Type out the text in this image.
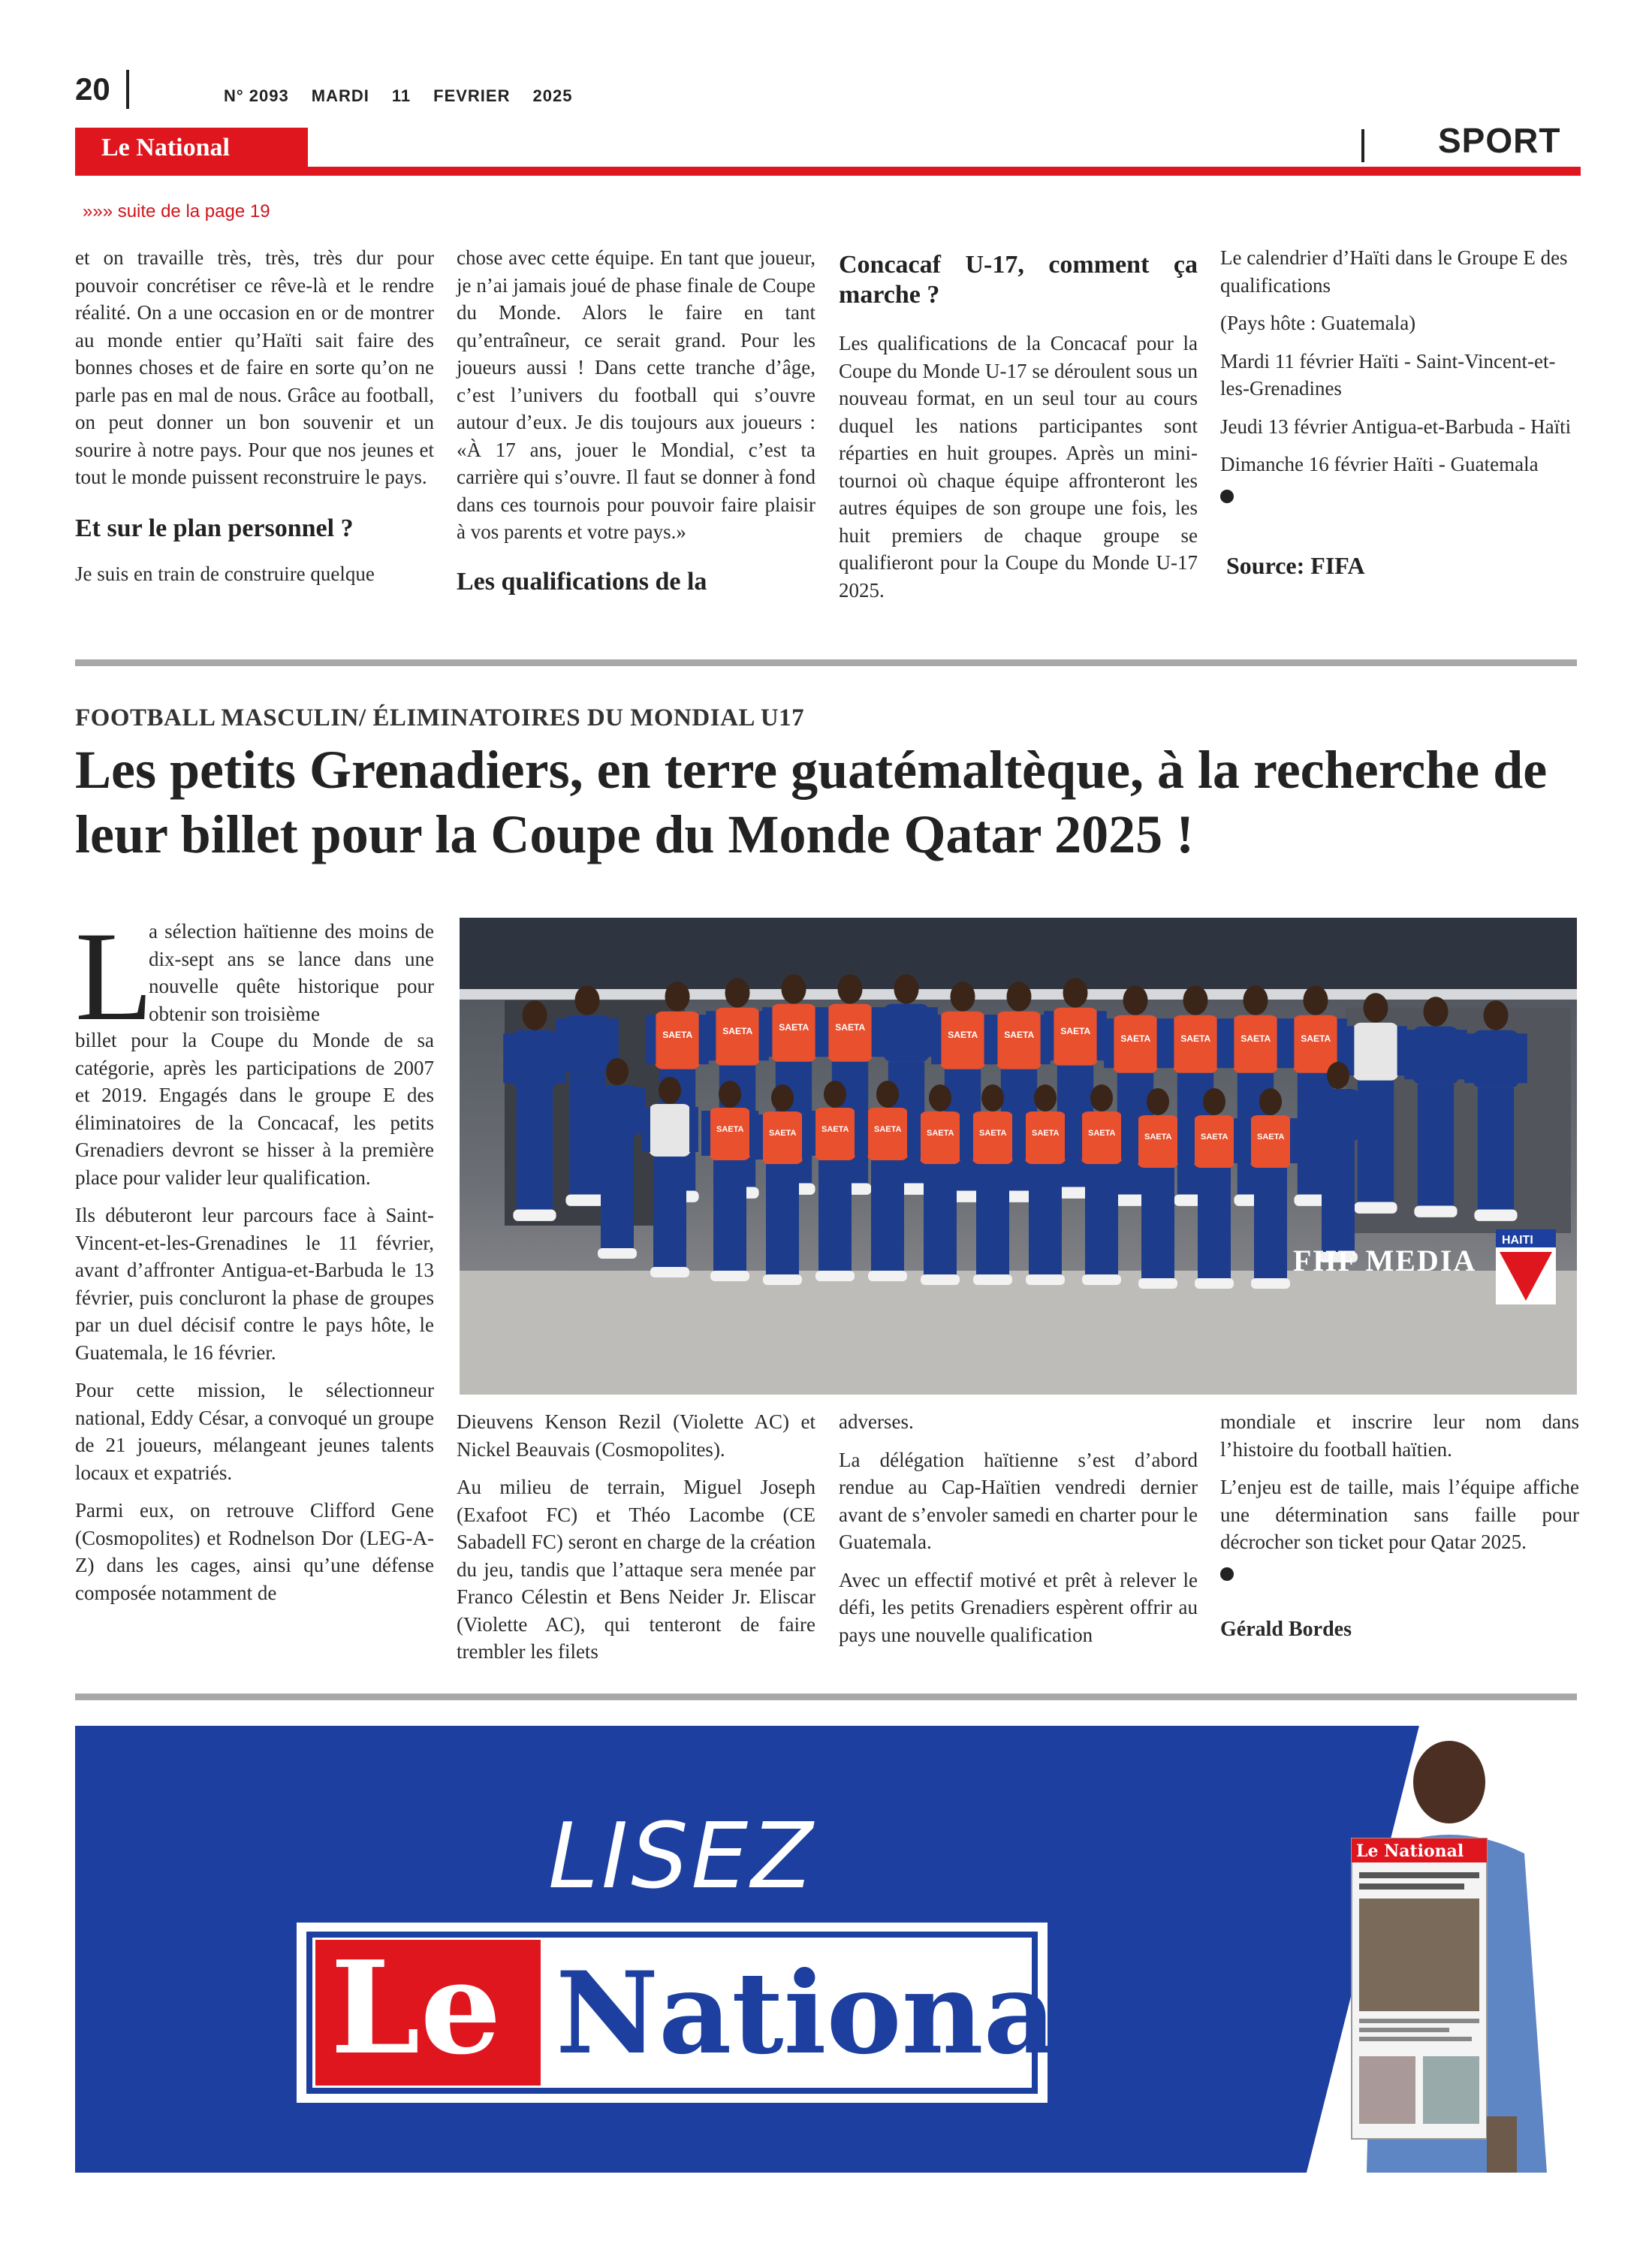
20	N° 2093 MARDI 11 FEVRIER 2025
Le National	SPORT
»»» suite de la page 19

et on travaille très, très, très dur pour pouvoir concrétiser ce rêve-là et le rendre réalité. On a une occasion en or de montrer au monde entier qu’Haïti sait faire des bonnes choses et de faire en sorte qu’on ne parle pas en mal de nous. Grâce au football, on peut donner un bon souvenir et un sourire à notre pays. Pour que nos jeunes et tout le monde puissent reconstruire le pays.

Et sur le plan personnel ?

Je suis en train de construire quelque

chose avec cette équipe. En tant que joueur, je n’ai jamais joué de phase finale de Coupe du Monde. Alors le faire en tant qu’entraîneur, ce serait grand. Pour les joueurs aussi ! Dans cette tranche d’âge, c’est l’univers du football qui s’ouvre autour d’eux. Je dis toujours aux joueurs : «À 17 ans, jouer le Mondial, c’est ta carrière qui s’ouvre. Il faut se donner à fond dans ces tournois pour pouvoir faire plaisir à vos parents et votre pays.»

Les qualifications de la
Concacaf U-17, comment ça marche ?

Les qualifications de la Concacaf pour la Coupe du Monde U-17 se déroulent sous un nouveau format, en un seul tour au cours duquel les nations participantes sont réparties en huit groupes. Après un mini-tournoi où chaque équipe affronteront les autres équipes de son groupe une fois, les huit premiers de chaque groupe se qualifieront pour la Coupe du Monde U-17 2025.

Le calendrier d’Haïti dans le Groupe E des qualifications

(Pays hôte : Guatemala)

Mardi 11 février Haïti - Saint-Vincent-et-les-Grenadines

Jeudi 13 février Antigua-et-Barbuda - Haïti

Dimanche 16 février Haïti - Guatemala

Source: FIFA
FOOTBALL MASCULIN/ ÉLIMINATOIRES DU MONDIAL U17
Les petits Grenadiers, en terre guatémaltèque, à la recherche de leur billet pour la Coupe du Monde Qatar 2025 !
L
a sélection haïtienne des moins de dix-sept ans se lance dans une nouvelle quête historique pour obtenir son troisième

billet pour la Coupe du Monde de sa catégorie, après les participations de 2007 et 2019. Engagés dans le groupe E des éliminatoires de la Concacaf, les petits Grenadiers devront se hisser à la première place pour valider leur qualification.

Ils débuteront leur parcours face à Saint-Vincent-et-les-Grenadines le 11 février, avant d’affronter Antigua-et-Barbuda le 13 février, puis concluront la phase de groupes par un duel décisif contre le pays hôte, le Guatemala, le 16 février.

Pour cette mission, le sélectionneur national, Eddy César, a convoqué un groupe de 21 joueurs, mélangeant jeunes talents locaux et expatriés.

Parmi eux, on retrouve Clifford Gene (Cosmopolites) et Rodnelson Dor (LEG-A-Z) dans les cages, ainsi qu’une défense composée notamment de

SAETA	SAETA	SAETA	SAETA
SAETA	SAETA	SAETA
SAETA	SAETA	SAETA	SAETA
SAETA	SAETA	SAETA	SAETA	SAETA	SAETA	SAETA	SAETA	SAETA	SAETA	SAETA
FHF MEDIA
HAITI

Dieuvens Kenson Rezil (Violette AC) et Nickel Beauvais (Cosmopolites).

Au milieu de terrain, Miguel Joseph (Exafoot FC) et Théo Lacombe (CE Sabadell FC) seront en charge de la création du jeu, tandis que l’attaque sera menée par Franco Célestin et Bens Neider Jr. Eliscar (Violette AC), qui tenteront de faire trembler les filets

adverses.

La délégation haïtienne s’est d’abord rendue au Cap-Haïtien vendredi dernier avant de s’envoler samedi en charter pour le Guatemala.

Avec un effectif motivé et prêt à relever le défi, les petits Grenadiers espèrent offrir au pays une nouvelle qualification

mondiale et inscrire leur nom dans l’histoire du football haïtien.

L’enjeu est de taille, mais l’équipe affiche une détermination sans faille pour décrocher son ticket pour Qatar 2025.

Gérald Bordes
LISEZ
Le National
Le National
